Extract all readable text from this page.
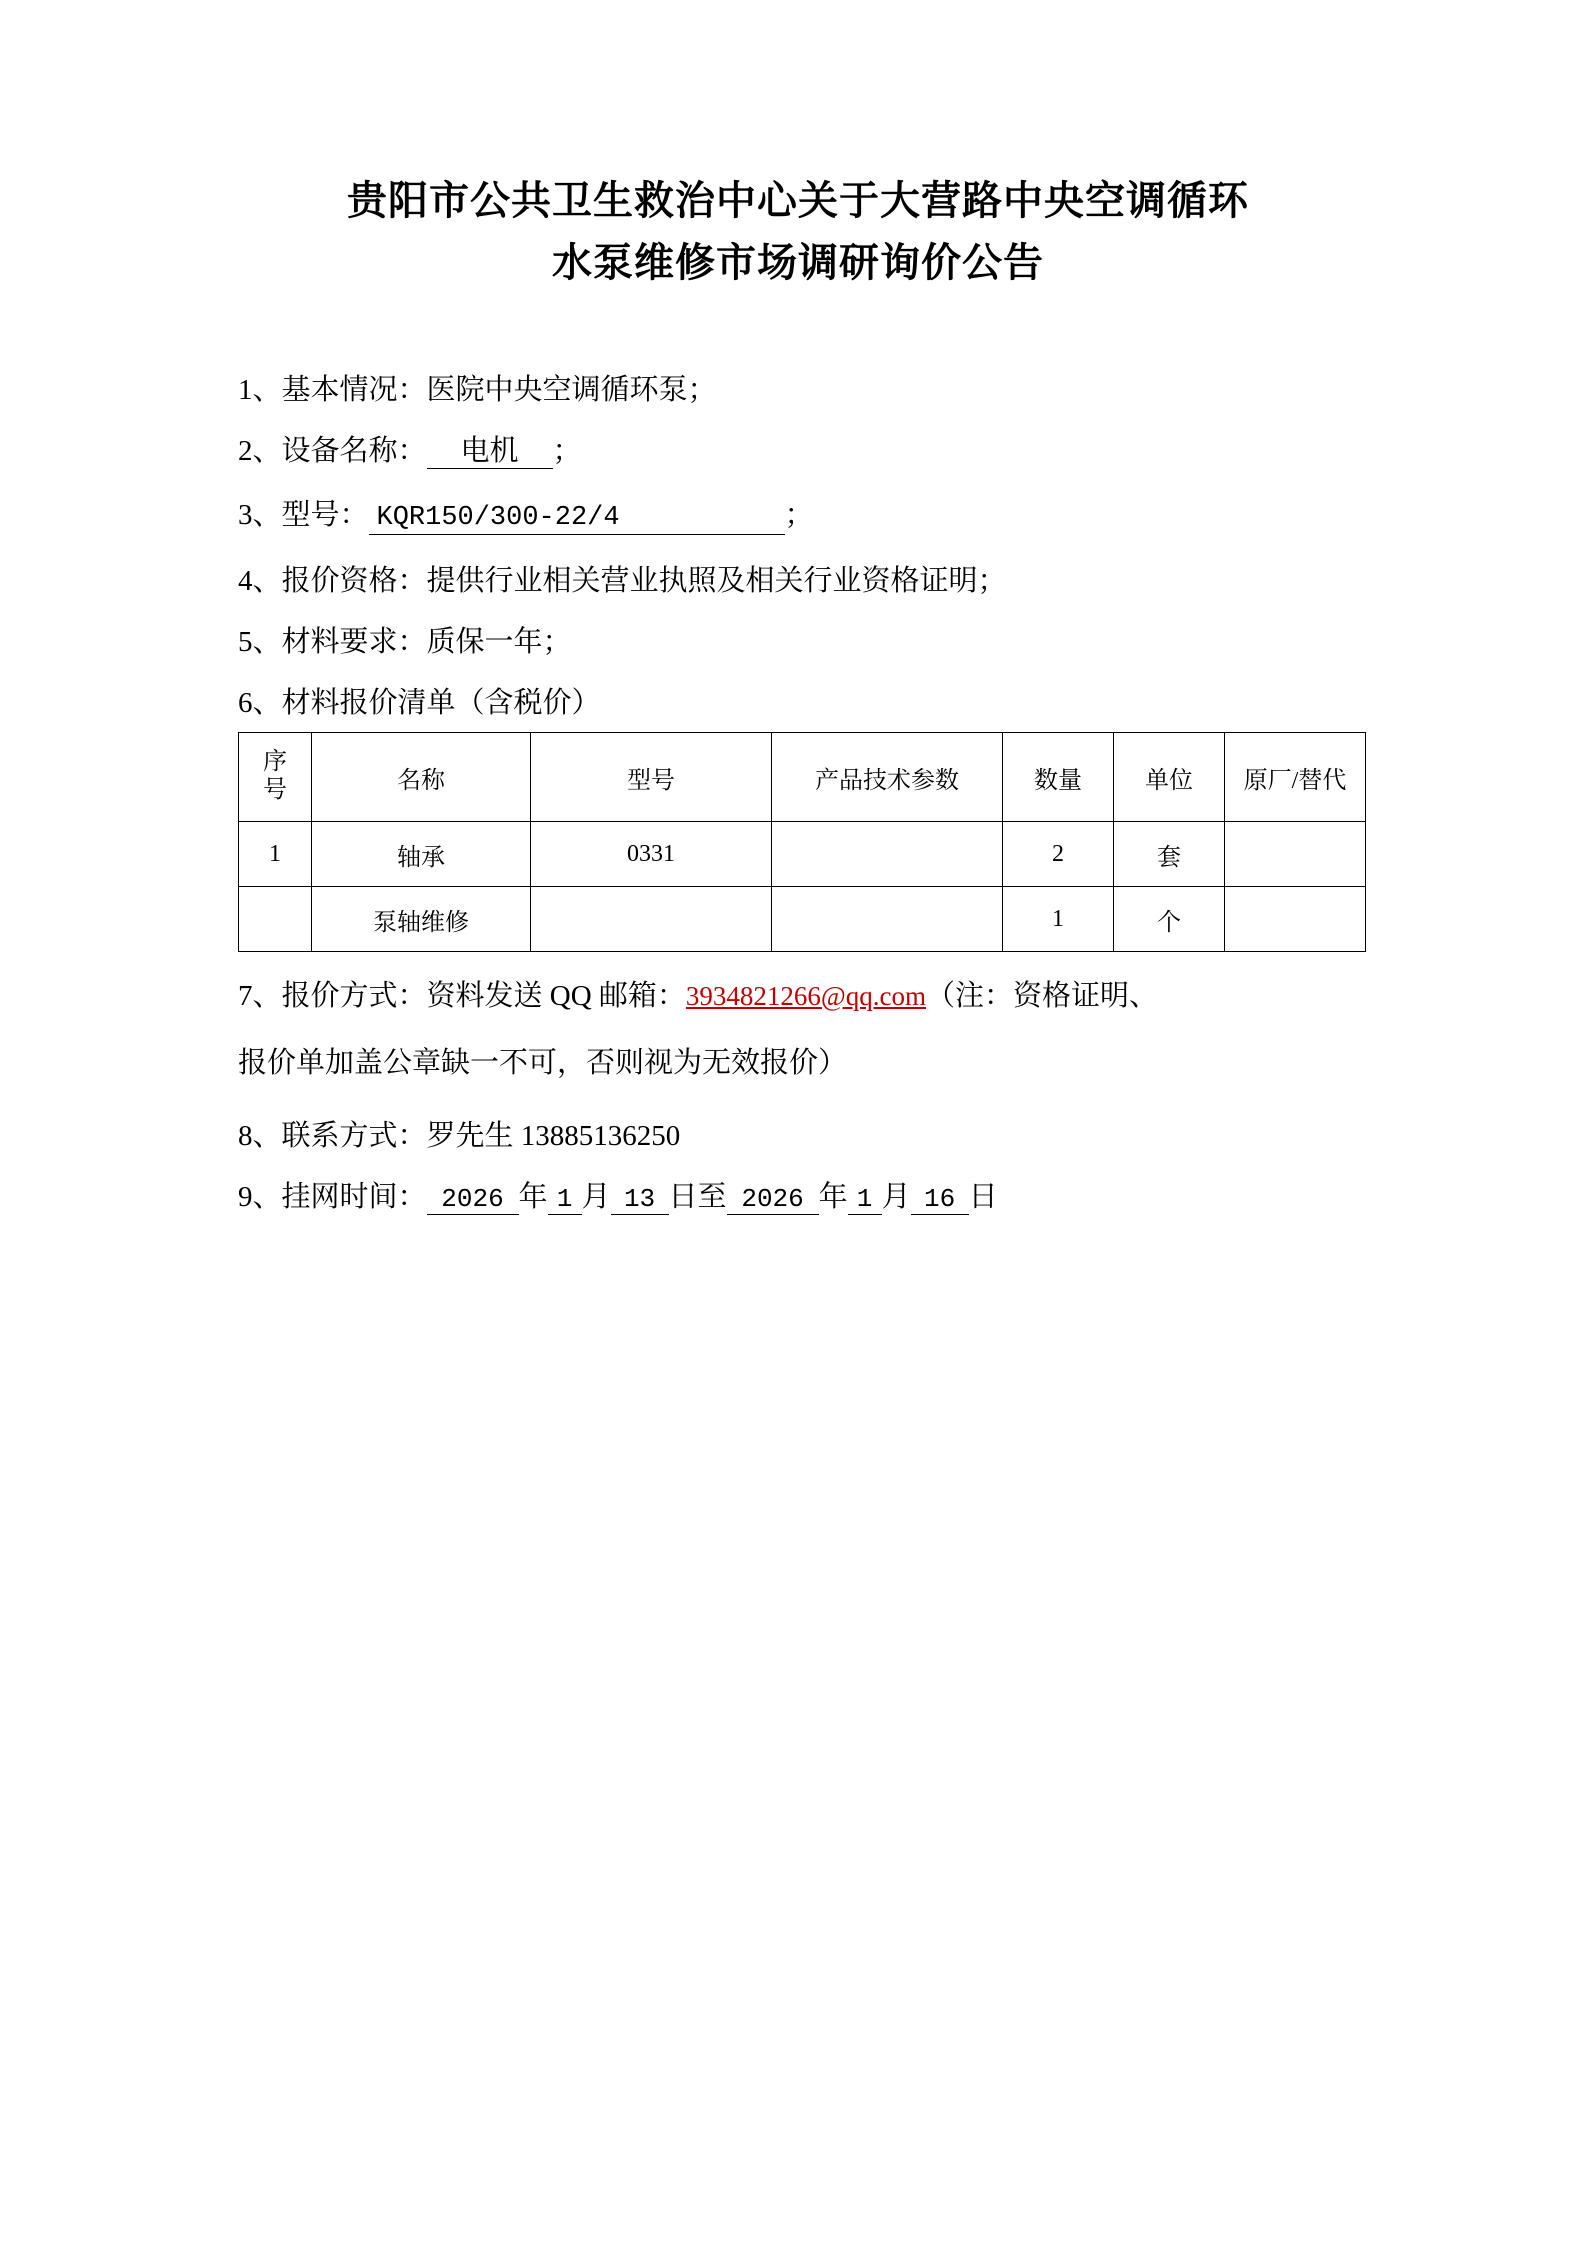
贵阳市公共卫生救治中心关于大营路中央空调循环
水泵维修市场调研询价公告

1、基本情况：医院中央空调循环泵；

2、设备名称： 电机 ；

3、型号： KQR150/300-22/4	；

4、报价资格：提供行业相关营业执照及相关行业资格证明；

5、材料要求：质保一年；

6、材料报价清单（含税价）

序
号	名称	型号	产品技术参数	数量	单位	原厂/替代
1	轴承	0331		2	套	
	泵轴维修			1	个	
7、报价方式：资料发送 QQ 邮箱：3934821266@qq.com（注：资格证明、
报价单加盖公章缺一不可，否则视为无效报价）

8、联系方式：罗先生 13885136250

9、挂网时间： 2026 年 1 月 13 日至 2026 年 1 月 16 日
